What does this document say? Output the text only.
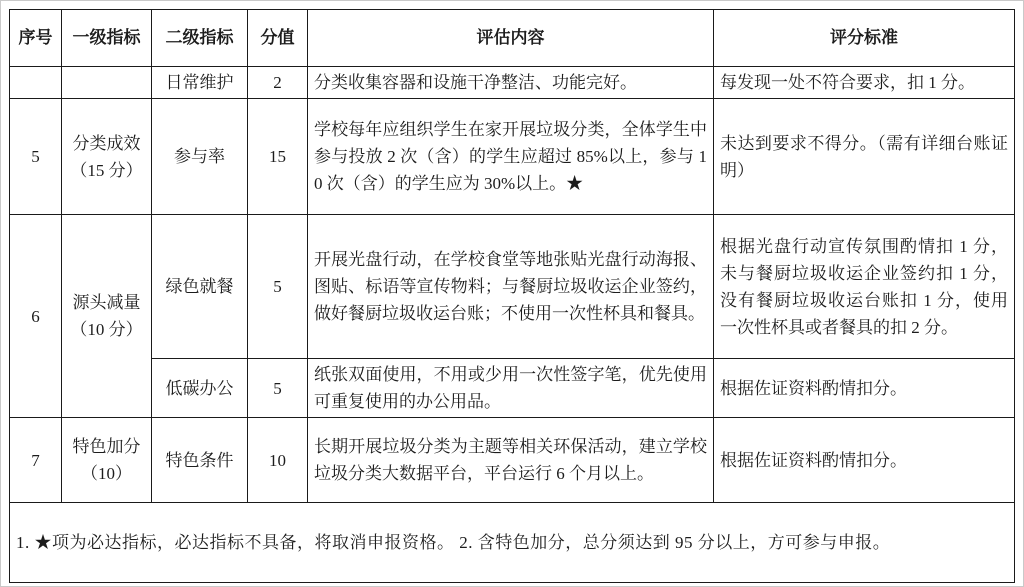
序号	一级指标	二级指标	分值	评估内容	评分标准
		日常维护	2	分类收集容器和设施干净整洁、功能完好。	每发现一处不符合要求，扣 1 分。
5	分类成效（15 分）	参与率	15	学校每年应组织学生在家开展垃圾分类，全体学生中参与投放 2 次（含）的学生应超过 85%以上，参与 10 次（含）的学生应为 30%以上。★	未达到要求不得分。（需有详细台账证明）
6	源头减量（10 分）	绿色就餐	5	开展光盘行动，在学校食堂等地张贴光盘行动海报、图贴、标语等宣传物料；与餐厨垃圾收运企业签约，做好餐厨垃圾收运台账；不使用一次性杯具和餐具。	根据光盘行动宣传氛围酌情扣 1 分，未与餐厨垃圾收运企业签约扣 1 分，没有餐厨垃圾收运台账扣 1 分，使用一次性杯具或者餐具的扣 2 分。
		低碳办公	5	纸张双面使用，不用或少用一次性签字笔，优先使用可重复使用的办公用品。	根据佐证资料酌情扣分。
7	特色加分（10）	特色条件	10	长期开展垃圾分类为主题等相关环保活动，建立学校垃圾分类大数据平台，平台运行 6 个月以上。	根据佐证资料酌情扣分。
1. ★项为必达指标，必达指标不具备，将取消申报资格。 2. 含特色加分，总分须达到 95 分以上，方可参与申报。					
